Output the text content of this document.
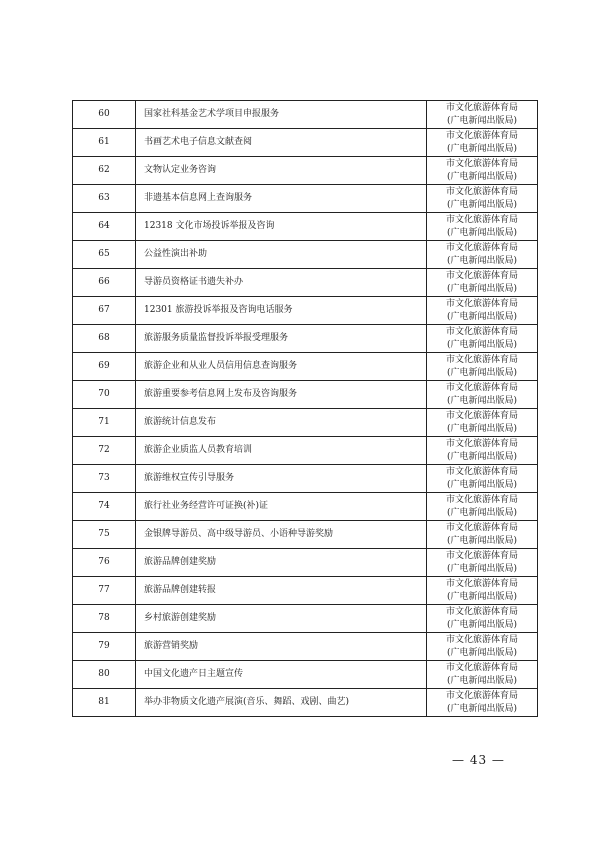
60	国家社科基金艺术学项目申报服务	市文化旅游体育局
(广电新闻出版局)

61	书画艺术电子信息文献查阅	市文化旅游体育局
(广电新闻出版局)

62	文物认定业务咨询	市文化旅游体育局
(广电新闻出版局)

63	非遗基本信息网上查询服务	市文化旅游体育局
(广电新闻出版局)

64	12318 文化市场投诉举报及咨询	市文化旅游体育局
(广电新闻出版局)

65	公益性演出补助	市文化旅游体育局
(广电新闻出版局)

66	导游员资格证书遗失补办	市文化旅游体育局
(广电新闻出版局)

67	12301 旅游投诉举报及咨询电话服务	市文化旅游体育局
(广电新闻出版局)

68	旅游服务质量监督投诉举报受理服务	市文化旅游体育局
(广电新闻出版局)

69	旅游企业和从业人员信用信息查询服务	市文化旅游体育局
(广电新闻出版局)

70	旅游重要参考信息网上发布及咨询服务	市文化旅游体育局
(广电新闻出版局)

71	旅游统计信息发布	市文化旅游体育局
(广电新闻出版局)

72	旅游企业质监人员教育培训	市文化旅游体育局
(广电新闻出版局)

73	旅游维权宣传引导服务	市文化旅游体育局
(广电新闻出版局)

74	旅行社业务经营许可证换(补)证	市文化旅游体育局
(广电新闻出版局)

75	金银牌导游员、高中级导游员、小语种导游奖励	市文化旅游体育局
(广电新闻出版局)

76	旅游品牌创建奖励	市文化旅游体育局
(广电新闻出版局)

77	旅游品牌创建转报	市文化旅游体育局
(广电新闻出版局)

78	乡村旅游创建奖励	市文化旅游体育局
(广电新闻出版局)

79	旅游营销奖励	市文化旅游体育局
(广电新闻出版局)

80	中国文化遗产日主题宣传	市文化旅游体育局
(广电新闻出版局)

81	举办非物质文化遗产展演(音乐、舞蹈、戏剧、曲艺)	市文化旅游体育局
(广电新闻出版局)
— 43 —
